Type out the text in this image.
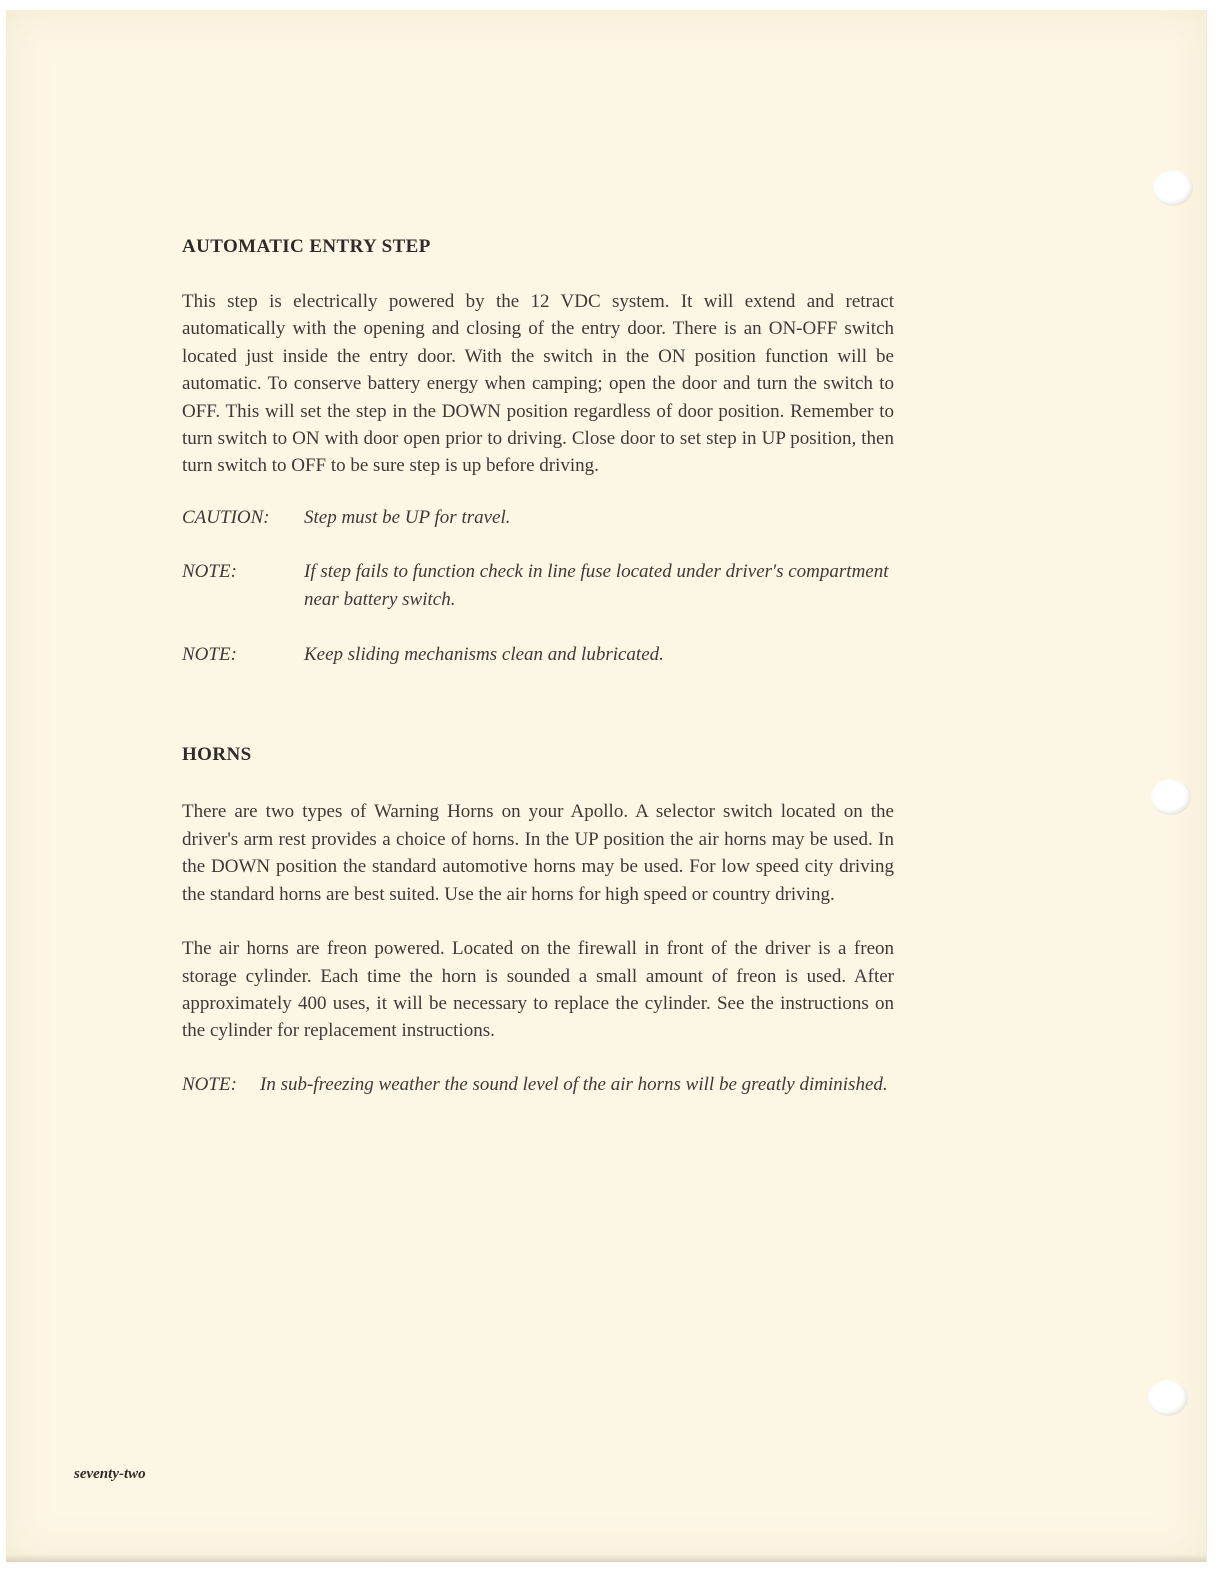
AUTOMATIC ENTRY STEP

This step is electrically powered by the 12 VDC system. It will extend and retract automatically with the opening and closing of the entry door. There is an ON-OFF switch located just inside the entry door. With the switch in the ON position function will be automatic. To conserve battery energy when camping; open the door and turn the switch to OFF. This will set the step in the DOWN position regardless of door position. Remember to turn switch to ON with door open prior to driving. Close door to set step in UP position, then turn switch to OFF to be sure step is up before driving.

CAUTION:	Step must be UP for travel.
NOTE:	If step fails to function check in line fuse located under driver's compartment near battery switch.
NOTE:	Keep sliding mechanisms clean and lubricated.
HORNS

There are two types of Warning Horns on your Apollo. A selector switch located on the driver's arm rest provides a choice of horns. In the UP position the air horns may be used. In the DOWN position the standard automotive horns may be used. For low speed city driving the standard horns are best suited. Use the air horns for high speed or country driving.

The air horns are freon powered. Located on the firewall in front of the driver is a freon storage cylinder. Each time the horn is sounded a small amount of freon is used. After approximately 400 uses, it will be necessary to replace the cylinder. See the instructions on the cylinder for replacement instructions.

NOTE:	In sub-freezing weather the sound level of the air horns will be greatly diminished.
seventy-two
